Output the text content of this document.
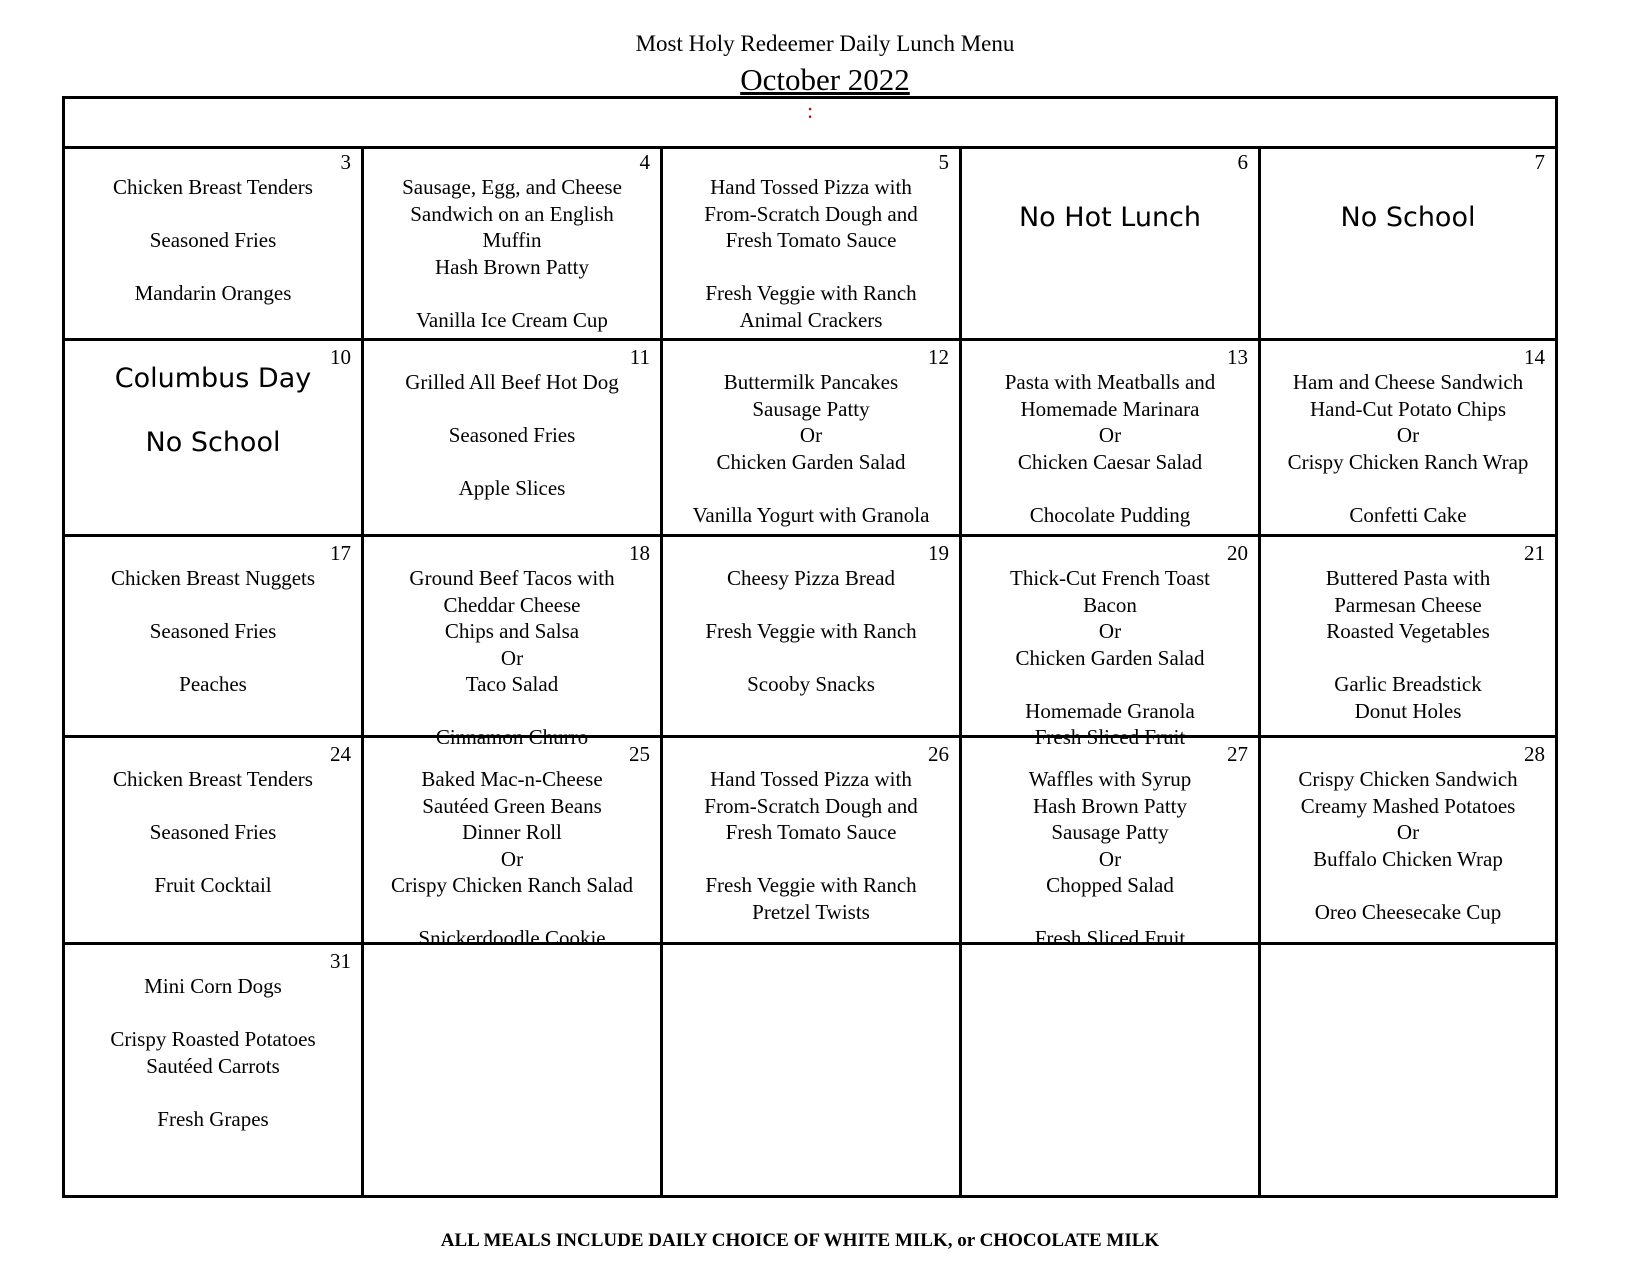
Most Holy Redeemer Daily Lunch Menu
October 2022
:
3
Chicken Breast Tenders
Seasoned Fries
Mandarin Oranges
4
Sausage, Egg, and Cheese
Sandwich on an English
Muffin
Hash Brown Patty
Vanilla Ice Cream Cup
5
Hand Tossed Pizza with
From-Scratch Dough and
Fresh Tomato Sauce
Fresh Veggie with Ranch
Animal Crackers
6
No Hot Lunch
7
No School
10
Columbus Day
No School
11
Grilled All Beef Hot Dog
Seasoned Fries
Apple Slices
12
Buttermilk Pancakes
Sausage Patty
Or
Chicken Garden Salad
Vanilla Yogurt with Granola
13
Pasta with Meatballs and
Homemade Marinara
Or
Chicken Caesar Salad
Chocolate Pudding
14
Ham and Cheese Sandwich
Hand-Cut Potato Chips
Or
Crispy Chicken Ranch Wrap
Confetti Cake
17
Chicken Breast Nuggets
Seasoned Fries
Peaches
18
Ground Beef Tacos with
Cheddar Cheese
Chips and Salsa
Or
Taco Salad
Cinnamon Churro
19
Cheesy Pizza Bread
Fresh Veggie with Ranch
Scooby Snacks
20
Thick-Cut French Toast
Bacon
Or
Chicken Garden Salad
Homemade Granola
Fresh Sliced Fruit
21
Buttered Pasta with
Parmesan Cheese
Roasted Vegetables
Garlic Breadstick
Donut Holes
24
Chicken Breast Tenders
Seasoned Fries
Fruit Cocktail
25
Baked Mac-n-Cheese
Sautéed Green Beans
Dinner Roll
Or
Crispy Chicken Ranch Salad
Snickerdoodle Cookie
26
Hand Tossed Pizza with
From-Scratch Dough and
Fresh Tomato Sauce
Fresh Veggie with Ranch
Pretzel Twists
27
Waffles with Syrup
Hash Brown Patty
Sausage Patty
Or
Chopped Salad
Fresh Sliced Fruit
28
Crispy Chicken Sandwich
Creamy Mashed Potatoes
Or
Buffalo Chicken Wrap
Oreo Cheesecake Cup
31
Mini Corn Dogs
Crispy Roasted Potatoes
Sautéed Carrots
Fresh Grapes
ALL MEALS INCLUDE DAILY CHOICE OF WHITE MILK, or CHOCOLATE MILK
